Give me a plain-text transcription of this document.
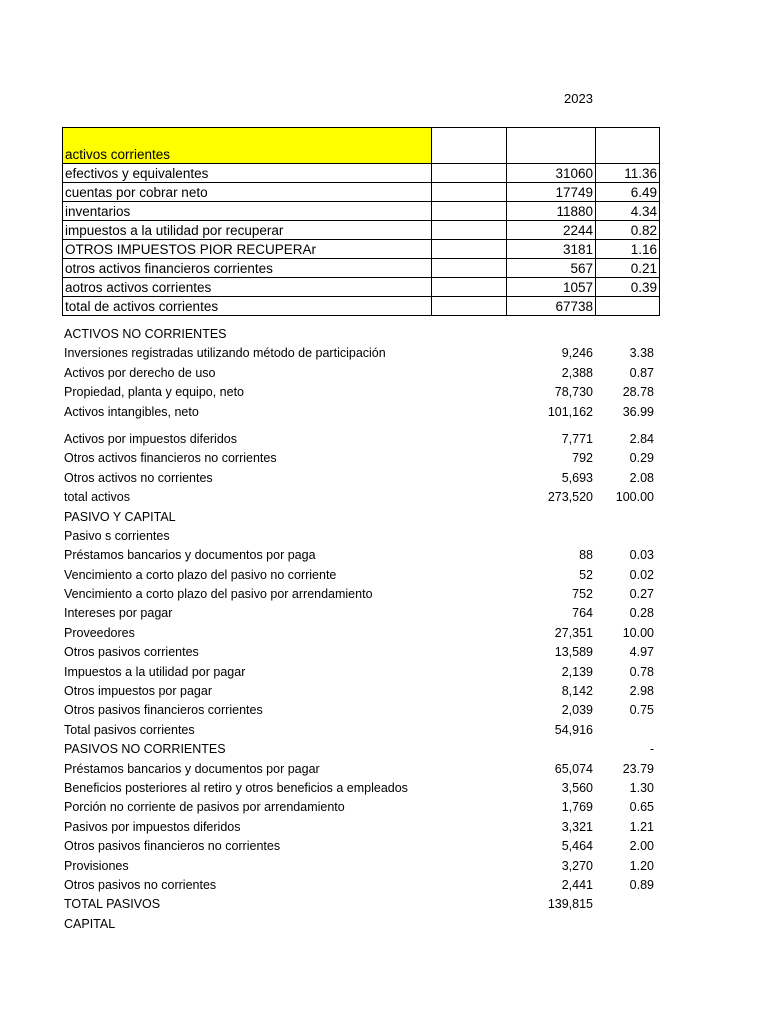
2023
activos corrientes			
efectivos y equivalentes		31060	11.36
cuentas por cobrar neto		17749	6.49
inventarios		11880	4.34
impuestos a la utilidad por recuperar		2244	0.82
OTROS IMPUESTOS PIOR RECUPERAr		3181	1.16
otros activos financieros corrientes		567	0.21
aotros activos corrientes		1057	0.39
total de activos corrientes		67738	
ACTIVOS NO CORRIENTES
Inversiones registradas utilizando método de participación	9,246	3.38
Activos por derecho de uso	2,388	0.87
Propiedad, planta y equipo, neto	78,730 28.78
Activos intangibles, neto	101,162 36.99
Activos por impuestos diferidos	7,771	2.84
Otros activos financieros no corrientes	792	0.29
Otros activos no corrientes	5,693	2.08
total activos	273,520 100.00
PASIVO Y CAPITAL
Pasivo s corrientes
Préstamos bancarios y documentos por paga	88	0.03
Vencimiento a corto plazo del pasivo no corriente	52	0.02
Vencimiento a corto plazo del pasivo por arrendamiento	752	0.27
Intereses por pagar	764	0.28
Proveedores	27,351 10.00
Otros pasivos corrientes	13,589	4.97
Impuestos a la utilidad por pagar	2,139	0.78
Otros impuestos por pagar	8,142	2.98
Otros pasivos financieros corrientes	2,039	0.75
Total pasivos corrientes	54,916
PASIVOS NO CORRIENTES	-
Préstamos bancarios y documentos por pagar	65,074 23.79
Beneficios posteriores al retiro y otros beneficios a empleados	3,560	1.30
Porción no corriente de pasivos por arrendamiento	1,769	0.65
Pasivos por impuestos diferidos	3,321	1.21
Otros pasivos financieros no corrientes	5,464	2.00
Provisiones	3,270	1.20
Otros pasivos no corrientes	2,441	0.89
TOTAL PASIVOS	139,815
CAPITAL
